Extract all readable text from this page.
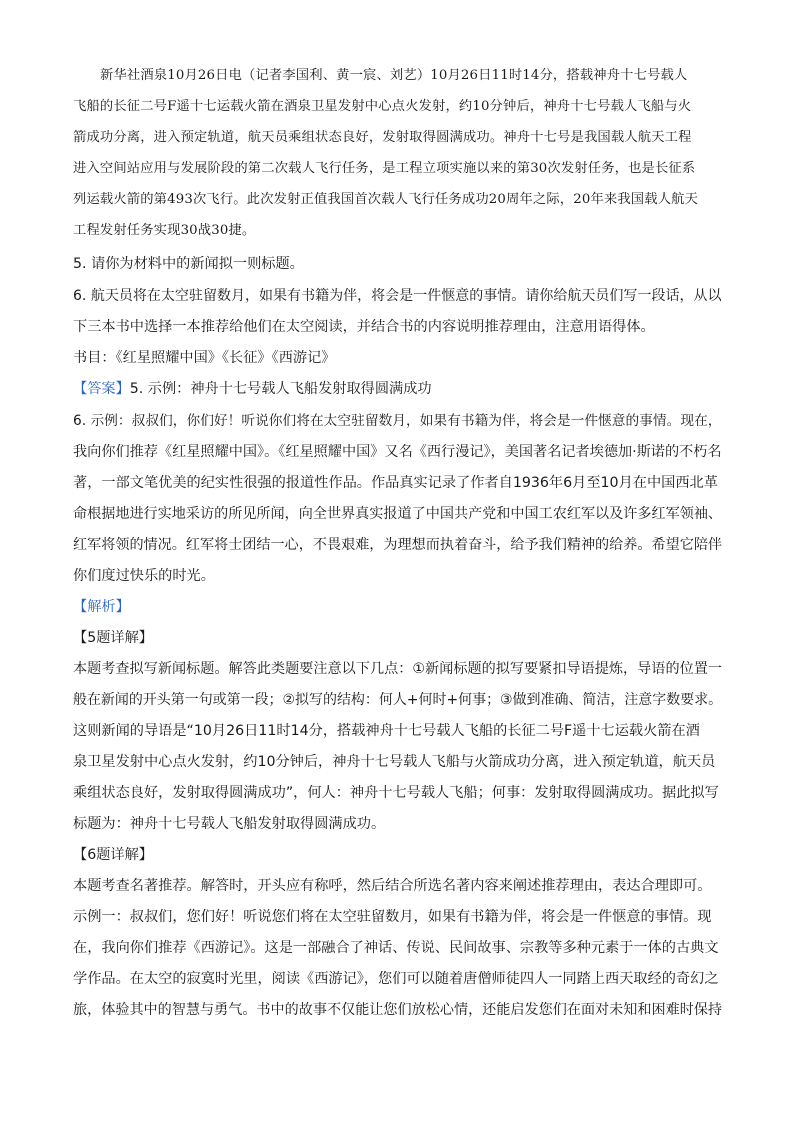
新华社酒泉10月26日电（记者李国利、黄一宸、刘艺）10月26日11时14分，搭载神舟十七号载人
飞船的长征二号F遥十七运载火箭在酒泉卫星发射中心点火发射，约10分钟后，神舟十七号载人飞船与火
箭成功分离，进入预定轨道，航天员乘组状态良好，发射取得圆满成功。神舟十七号是我国载人航天工程
进入空间站应用与发展阶段的第二次载人飞行任务，是工程立项实施以来的第30次发射任务，也是长征系
列运载火箭的第493次飞行。此次发射正值我国首次载人飞行任务成功20周年之际，20年来我国载人航天
工程发射任务实现30战30捷。
5. 请你为材料中的新闻拟一则标题。
6. 航天员将在太空驻留数月，如果有书籍为伴，将会是一件惬意的事情。请你给航天员们写一段话，从以
下三本书中选择一本推荐给他们在太空阅读，并结合书的内容说明推荐理由，注意用语得体。
书目：《红星照耀中国》《长征》《西游记》
【答案】5. 示例：神舟十七号载人飞船发射取得圆满成功
6. 示例：叔叔们，你们好！听说你们将在太空驻留数月，如果有书籍为伴，将会是一件惬意的事情。现在，
我向你们推荐《红星照耀中国》。《红星照耀中国》又名《西行漫记》，美国著名记者埃德加·斯诺的不朽名
著，一部文笔优美的纪实性很强的报道性作品。作品真实记录了作者自1936年6月至10月在中国西北革
命根据地进行实地采访的所见所闻，向全世界真实报道了中国共产党和中国工农红军以及许多红军领袖、
红军将领的情况。红军将士团结一心，不畏艰难，为理想而执着奋斗，给予我们精神的给养。希望它陪伴
你们度过快乐的时光。
【解析】
【5题详解】
本题考查拟写新闻标题。解答此类题要注意以下几点：①新闻标题的拟写要紧扣导语提炼，导语的位置一
般在新闻的开头第一句或第一段；②拟写的结构：何人+何时+何事；③做到准确、简洁，注意字数要求。
这则新闻的导语是“10月26日11时14分，搭载神舟十七号载人飞船的长征二号F遥十七运载火箭在酒
泉卫星发射中心点火发射，约10分钟后，神舟十七号载人飞船与火箭成功分离，进入预定轨道，航天员
乘组状态良好，发射取得圆满成功”，何人：神舟十七号载人飞船；何事：发射取得圆满成功。据此拟写
标题为：神舟十七号载人飞船发射取得圆满成功。
【6题详解】
本题考查名著推荐。解答时，开头应有称呼，然后结合所选名著内容来阐述推荐理由，表达合理即可。
示例一：叔叔们，您们好！听说您们将在太空驻留数月，如果有书籍为伴，将会是一件惬意的事情。现
在，我向你们推荐《西游记》。这是一部融合了神话、传说、民间故事、宗教等多种元素于一体的古典文
学作品。在太空的寂寞时光里，阅读《西游记》，您们可以随着唐僧师徒四人一同踏上西天取经的奇幻之
旅，体验其中的智慧与勇气。书中的故事不仅能让您们放松心情，还能启发您们在面对未知和困难时保持
